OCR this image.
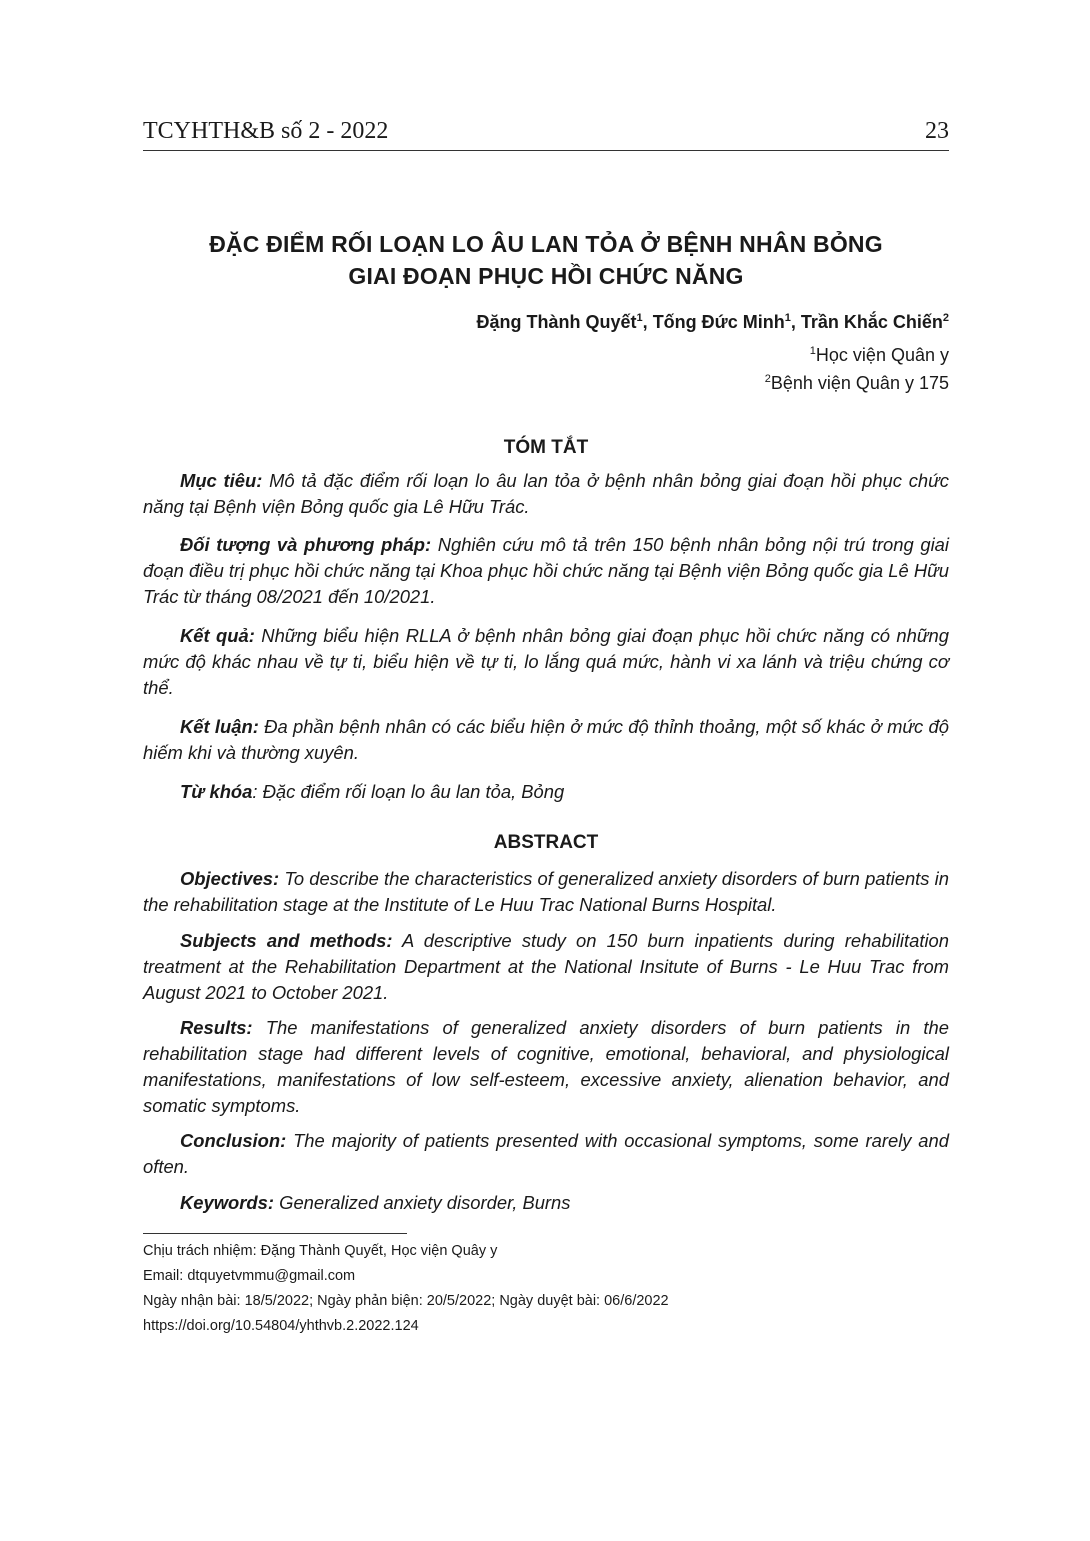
TCYHTH&B số 2 - 2022	23
ĐẶC ĐIỂM RỐI LOẠN LO ÂU LAN TỎA Ở BỆNH NHÂN BỎNG
GIAI ĐOẠN PHỤC HỒI CHỨC NĂNG
Đặng Thành Quyết$^1$, Tống Đức Minh$^1$, Trần Khắc Chiến$^2$
$^1$Học viện Quân y
$^2$Bệnh viện Quân y 175
TÓM TẮT

Mục tiêu: Mô tả đặc điểm rối loạn lo âu lan tỏa ở bệnh nhân bỏng giai đoạn hồi phục chức năng tại Bệnh viện Bỏng quốc gia Lê Hữu Trác.

Đối tượng và phương pháp: Nghiên cứu mô tả trên 150 bệnh nhân bỏng nội trú trong giai đoạn điều trị phục hồi chức năng tại Khoa phục hồi chức năng tại Bệnh viện Bỏng quốc gia Lê Hữu Trác từ tháng 08/2021 đến 10/2021.

Kết quả: Những biểu hiện RLLA ở bệnh nhân bỏng giai đoạn phục hồi chức năng có những mức độ khác nhau về tự ti, biểu hiện về tự ti, lo lắng quá mức, hành vi xa lánh và triệu chứng cơ thể.

Kết luận: Đa phần bệnh nhân có các biểu hiện ở mức độ thỉnh thoảng, một số khác ở mức độ hiếm khi và thường xuyên.

Từ khóa: Đặc điểm rối loạn lo âu lan tỏa, Bỏng

ABSTRACT

Objectives: To describe the characteristics of generalized anxiety disorders of burn patients in the rehabilitation stage at the Institute of Le Huu Trac National Burns Hospital.

Subjects and methods: A descriptive study on 150 burn inpatients during rehabilitation treatment at the Rehabilitation Department at the National Insitute of Burns - Le Huu Trac from August 2021 to October 2021.

Results: The manifestations of generalized anxiety disorders of burn patients in the rehabilitation stage had different levels of cognitive, emotional, behavioral, and physiological manifestations, manifestations of low self-esteem, excessive anxiety, alienation behavior, and somatic symptoms.

Conclusion: The majority of patients presented with occasional symptoms, some rarely and often.

Keywords: Generalized anxiety disorder, Burns

Chịu trách nhiệm: Đặng Thành Quyết, Học viện Quây y
Email: dtquyetvmmu@gmail.com
Ngày nhận bài: 18/5/2022; Ngày phản biện: 20/5/2022; Ngày duyệt bài: 06/6/2022
https://doi.org/10.54804/yhthvb.2.2022.124
